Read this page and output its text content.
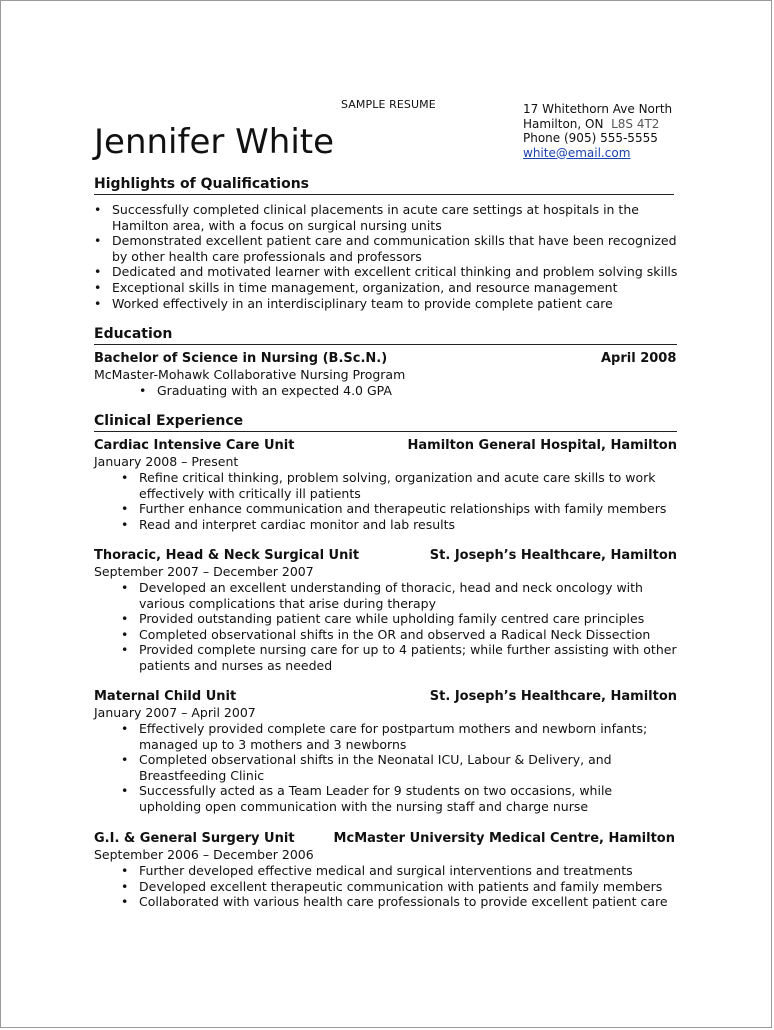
SAMPLE RESUME
Jennifer White
17 Whitethorn Ave North
Hamilton, ON L8S 4T2
Phone (905) 555-5555
white@email.com
Highlights of Qualifications
• Successfully completed clinical placements in acute care settings at hospitals in the Hamilton area, with a focus on surgical nursing units
• Demonstrated excellent patient care and communication skills that have been recognized by other health care professionals and professors
• Dedicated and motivated learner with excellent critical thinking and problem solving skills
• Exceptional skills in time management, organization, and resource management
• Worked effectively in an interdisciplinary team to provide complete patient care
Education
Bachelor of Science in Nursing (B.Sc.N.)	April 2008
McMaster-Mohawk Collaborative Nursing Program
• Graduating with an expected 4.0 GPA
Clinical Experience
Cardiac Intensive Care Unit	Hamilton General Hospital, Hamilton
January 2008 – Present
• Refine critical thinking, problem solving, organization and acute care skills to work effectively with critically ill patients
• Further enhance communication and therapeutic relationships with family members
• Read and interpret cardiac monitor and lab results
Thoracic, Head & Neck Surgical Unit	St. Joseph’s Healthcare, Hamilton
September 2007 – December 2007
• Developed an excellent understanding of thoracic, head and neck oncology with various complications that arise during therapy
• Provided outstanding patient care while upholding family centred care principles
• Completed observational shifts in the OR and observed a Radical Neck Dissection
• Provided complete nursing care for up to 4 patients; while further assisting with other patients and nurses as needed
Maternal Child Unit	St. Joseph’s Healthcare, Hamilton
January 2007 – April 2007
• Effectively provided complete care for postpartum mothers and newborn infants; managed up to 3 mothers and 3 newborns
• Completed observational shifts in the Neonatal ICU, Labour & Delivery, and Breastfeeding Clinic
• Successfully acted as a Team Leader for 9 students on two occasions, while upholding open communication with the nursing staff and charge nurse
G.I. & General Surgery Unit	McMaster University Medical Centre, Hamilton
September 2006 – December 2006
• Further developed effective medical and surgical interventions and treatments
• Developed excellent therapeutic communication with patients and family members
• Collaborated with various health care professionals to provide excellent patient care
